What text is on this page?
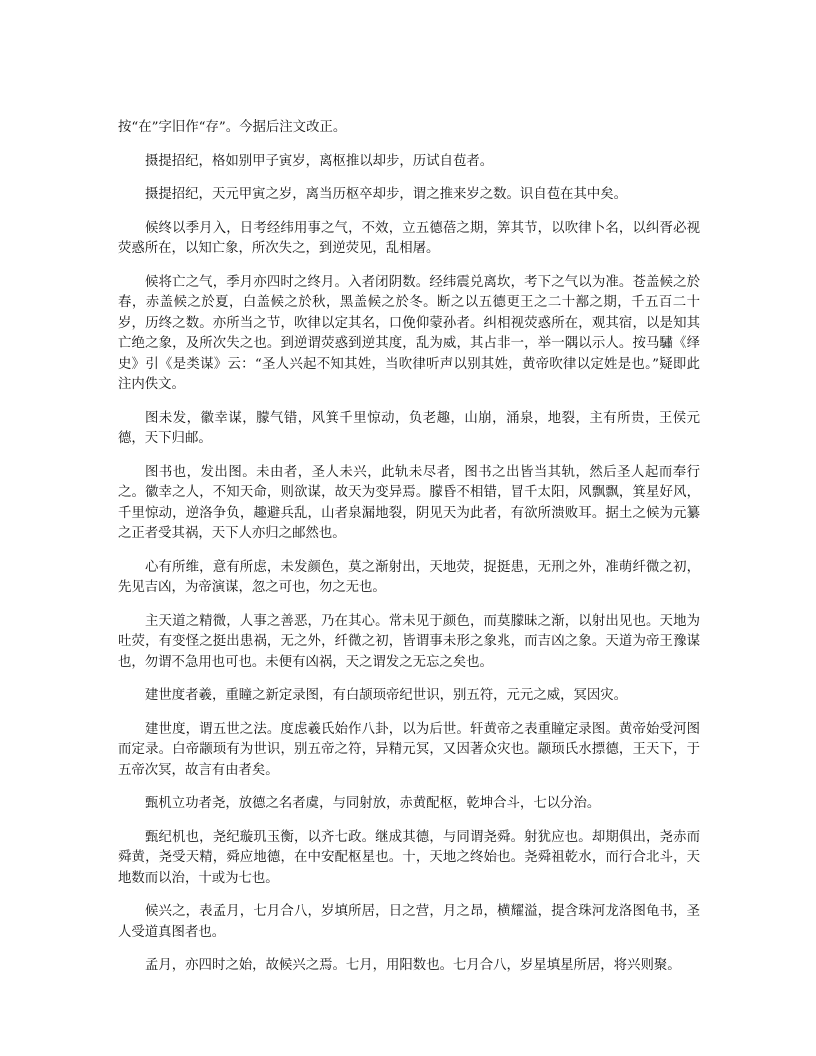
按“在”字旧作“存”。今据后注文改正。

摄提招纪，格如别甲子寅岁，离枢推以却步，历试自苞者。

摄提招纪，天元甲寅之岁，离当历枢卒却步，谓之推来岁之数。识自苞在其中矣。

候终以季月入，日考经纬用事之气，不效，立五德蓓之期，筭其节，以吹律卜名，以纠胥必视荧惑所在，以知亡象，所次失之，到逆荧见，乱相屠。

候将亡之气，季月亦四时之终月。入者闭阴数。经纬震兑离坎，考下之气以为准。苍盖候之於春，赤盖候之於夏，白盖候之於秋，黑盖候之於冬。断之以五德更王之二十鄯之期，千五百二十岁，历终之数。亦所当之节，吹律以定其名，口俛仰蒙孙者。纠相视荧惑所在，观其宿，以是知其亡绝之象，及所次失之也。到逆谓荧惑到逆其度，乱为威，其占非一，举一隅以示人。按马驌《绎史》引《是类谋》云：“圣人兴起不知其姓，当吹律听声以别其姓，黄帝吹律以定姓是也。”疑即此注内佚文。

图未发，徽幸谋，朦气错，风箕千里惊动，负老趣，山崩，涌泉，地裂，主有所贵，王侯元德，天下归邮。

图书也，发出图。未由者，圣人未兴，此轨未尽者，图书之出皆当其轨，然后圣人起而奉行之。徽幸之人，不知天命，则欲谋，故天为变异焉。朦昏不相错，冒千太阳，风飘飘，箕星好风，千里惊动，逆洛争负，趣避兵乱，山者泉漏地裂，阴见天为此者，有欲所溃败耳。据土之候为元纂之正者受其祸，天下人亦归之邮然也。

心有所维，意有所虑，未发颜色，莫之渐射出，天地荧，捉挺患，无刑之外，准萌纤微之初，先见吉凶，为帝演谋，忽之可也，勿之无也。

主天道之精微，人事之善恶，乃在其心。常未见于颜色，而莫朦昧之渐，以射出见也。天地为吐荧，有变怪之挺出患祸，无之外，纤微之初，皆谓事未形之象兆，而吉凶之象。天道为帝王豫谋也，勿谓不急用也可也。未便有凶祸，天之谓发之无忘之矣也。

建世度者羲，重瞳之新定录图，有白颉顼帝纪世识，别五符，元元之威，冥因灾。

建世度，谓五世之法。度虑羲氏始作八卦，以为后世。轩黄帝之表重瞳定录图。黄帝始受河图而定录。白帝颛顼有为世识，别五帝之符，异精元冥，又因著众灾也。颛顼氏水摽德，王天下，于五帝次冥，故言有由者矣。

甄机立功者尧，放德之名者虞，与同射放，赤黄配枢，乾坤合斗，七以分治。

甄纪机也，尧纪璇玑玉衡，以齐七政。继成其德，与同谓尧舜。射犹应也。却期俱出，尧赤而舜黄，尧受天精，舜应地德，在中安配枢星也。十，天地之终始也。尧舜祖乾水，而行合北斗，天地数而以治，十或为七也。

候兴之，表孟月，七月合八，岁填所居，日之营，月之昂，横耀溢，提含珠河龙洛图龟书，圣人受道真图者也。

孟月，亦四时之始，故候兴之焉。七月，用阳数也。七月合八，岁星填星所居，将兴则聚。
